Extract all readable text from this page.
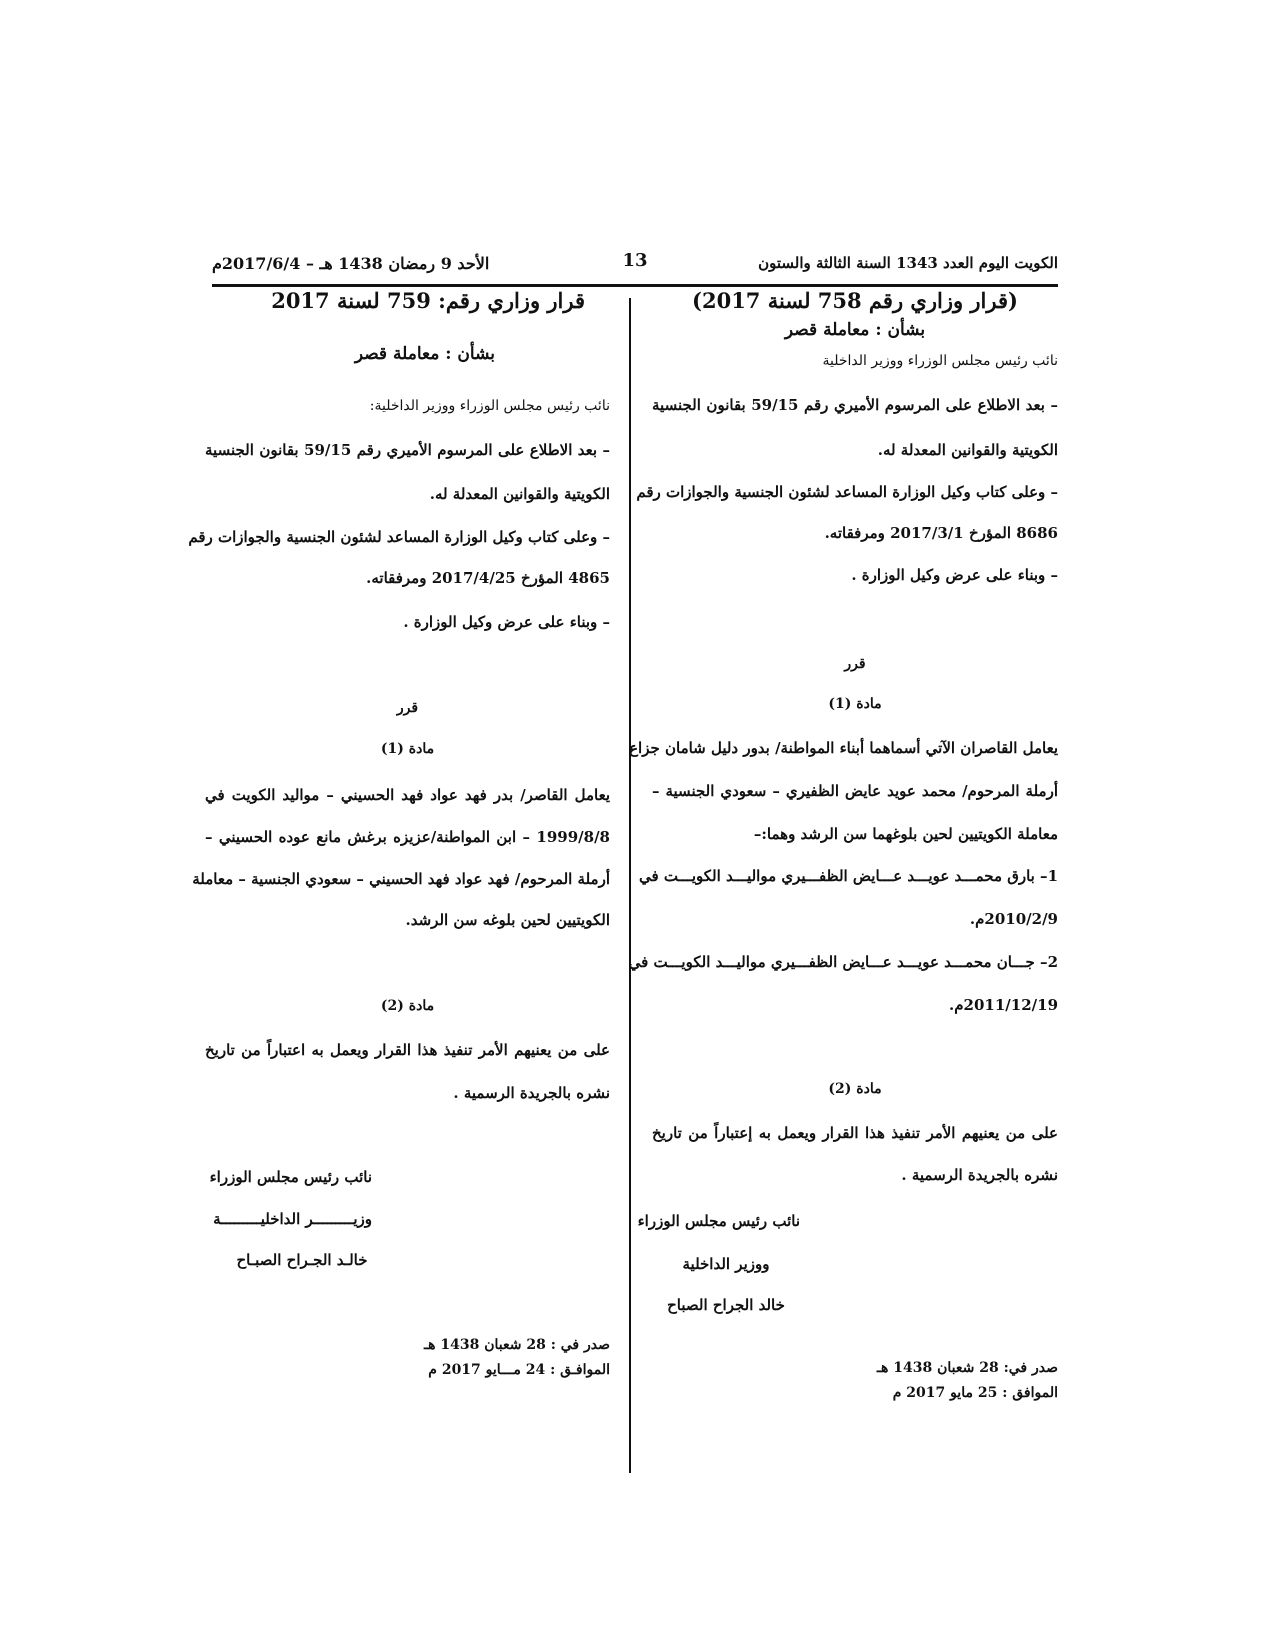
الكويت اليوم العدد 1343 السنة الثالثة والستون
13
الأحد 9 رمضان 1438 هـ – 2017/6/4م
(قرار وزاري رقم 758 لسنة 2017)
بشأن : معاملة قصر
نائب رئيس مجلس الوزراء ووزير الداخلية
– بعد الاطلاع على المرسوم الأميري رقم 59/15 بقانون الجنسية
الكويتية والقوانين المعدلة له.
– وعلى كتاب وكيل الوزارة المساعد لشئون الجنسية والجوازات رقم
8686 المؤرخ 2017/3/1 ومرفقاته.
– وبناء على عرض وكيل الوزارة .
قرر
مادة (1)
يعامل القاصران الآتي أسماهما أبناء المواطنة/ بدور دليل شامان جزاع
أرملة المرحوم/ محمد عويد عايض الظفيري – سعودي الجنسية –
معاملة الكويتيين لحين بلوغهما سن الرشد وهما:–
1– بارق محمـــد عويـــد عـــايض الظفـــيري مواليـــد الكويـــت في
2010/2/9م.
2– جـــان محمـــد عويـــد عـــايض الظفـــيري مواليـــد الكويـــت في
2011/12/19م.
مادة (2)
على من يعنيهم الأمر تنفيذ هذا القرار ويعمل به إعتباراً من تاريخ
نشره بالجريدة الرسمية .
نائب رئيس مجلس الوزراء
ووزير الداخلية
خالد الجراح الصباح
صدر في: 28 شعبان 1438 هـ
الموافق : 25 مايو 2017 م
قرار وزاري رقم: 759 لسنة 2017
بشأن : معاملة قصر
نائب رئيس مجلس الوزراء ووزير الداخلية:
– بعد الاطلاع على المرسوم الأميري رقم 59/15 بقانون الجنسية
الكويتية والقوانين المعدلة له.
– وعلى كتاب وكيل الوزارة المساعد لشئون الجنسية والجوازات رقم
4865 المؤرخ 2017/4/25 ومرفقاته.
– وبناء على عرض وكيل الوزارة .
قرر
مادة (1)
يعامل القاصر/ بدر فهد عواد فهد الحسيني – مواليد الكويت في
1999/8/8 – ابن المواطنة/عزيزه برغش مانع عوده الحسيني –
أرملة المرحوم/ فهد عواد فهد الحسيني – سعودي الجنسية – معاملة
الكويتيين لحين بلوغه سن الرشد.
مادة (2)
على من يعنيهم الأمر تنفيذ هذا القرار ويعمل به اعتباراً من تاريخ
نشره بالجريدة الرسمية .
نائب رئيس مجلس الوزراء
وزيـــــــــر الداخليـــــــــة
خالـد الجـراح الصبـاح
صدر في : 28 شعبان 1438 هـ
الموافـق : 24 مـــايو 2017 م
